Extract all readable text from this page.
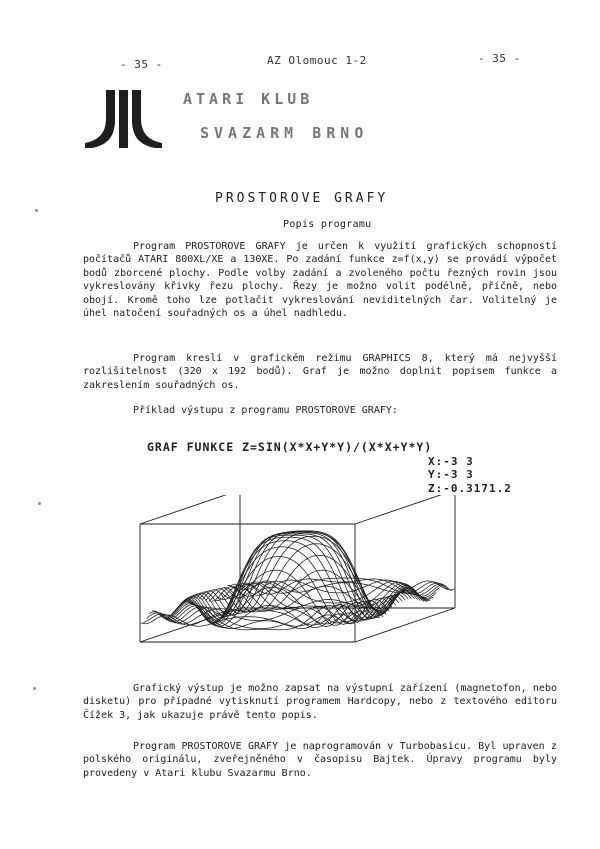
- 35 -	AZ Olomouc 1-2	- 35 -
ATARI KLUB
SVAZARM BRNO
PROSTOROVE GRAFY
Popis programu

Program PROSTOROVE GRAFY je určen k využití grafických schopností počítačů ATARI 800XL/XE a 130XE. Po zadání funkce z=f(x,y) se provádí výpočet bodů zborcené plochy. Podle volby zadání a zvoleného počtu řezných rovin jsou vykreslovány křivky řezu plochy. Řezy je možno volit podélně, příčně, nebo obojí. Kromě toho lze potlačit vykreslování neviditelných čar. Volitelný je úhel natočení souřadných os a úhel nadhledu.

Program kreslí v grafickém režimu GRAPHICS 8, který má nejvyšší rozlišitelnost (320 x 192 bodů). Graf je možno doplnit popisem funkce a zakreslením souřadných os.

Příklad výstupu z programu PROSTOROVE GRAFY:

GRAF FUNKCE Z=SIN(X*X+Y*Y)/(X*X+Y*Y)
X:-3 3
Y:-3 3
Z:-0.3171.2

Grafický výstup je možno zapsat na výstupní zařízení (magnetofon, nebo disketu) pro případné vytisknutí programem Hardcopy, nebo z textového editoru Čížek 3, jak ukazuje právě tento popis.

Program PROSTOROVE GRAFY je naprogramován v Turbobasicu. Byl upraven z polského originálu, zveřejněného v časopisu Bajtek. Úpravy programu byly provedeny v Atari klubu Svazarmu Brno.
